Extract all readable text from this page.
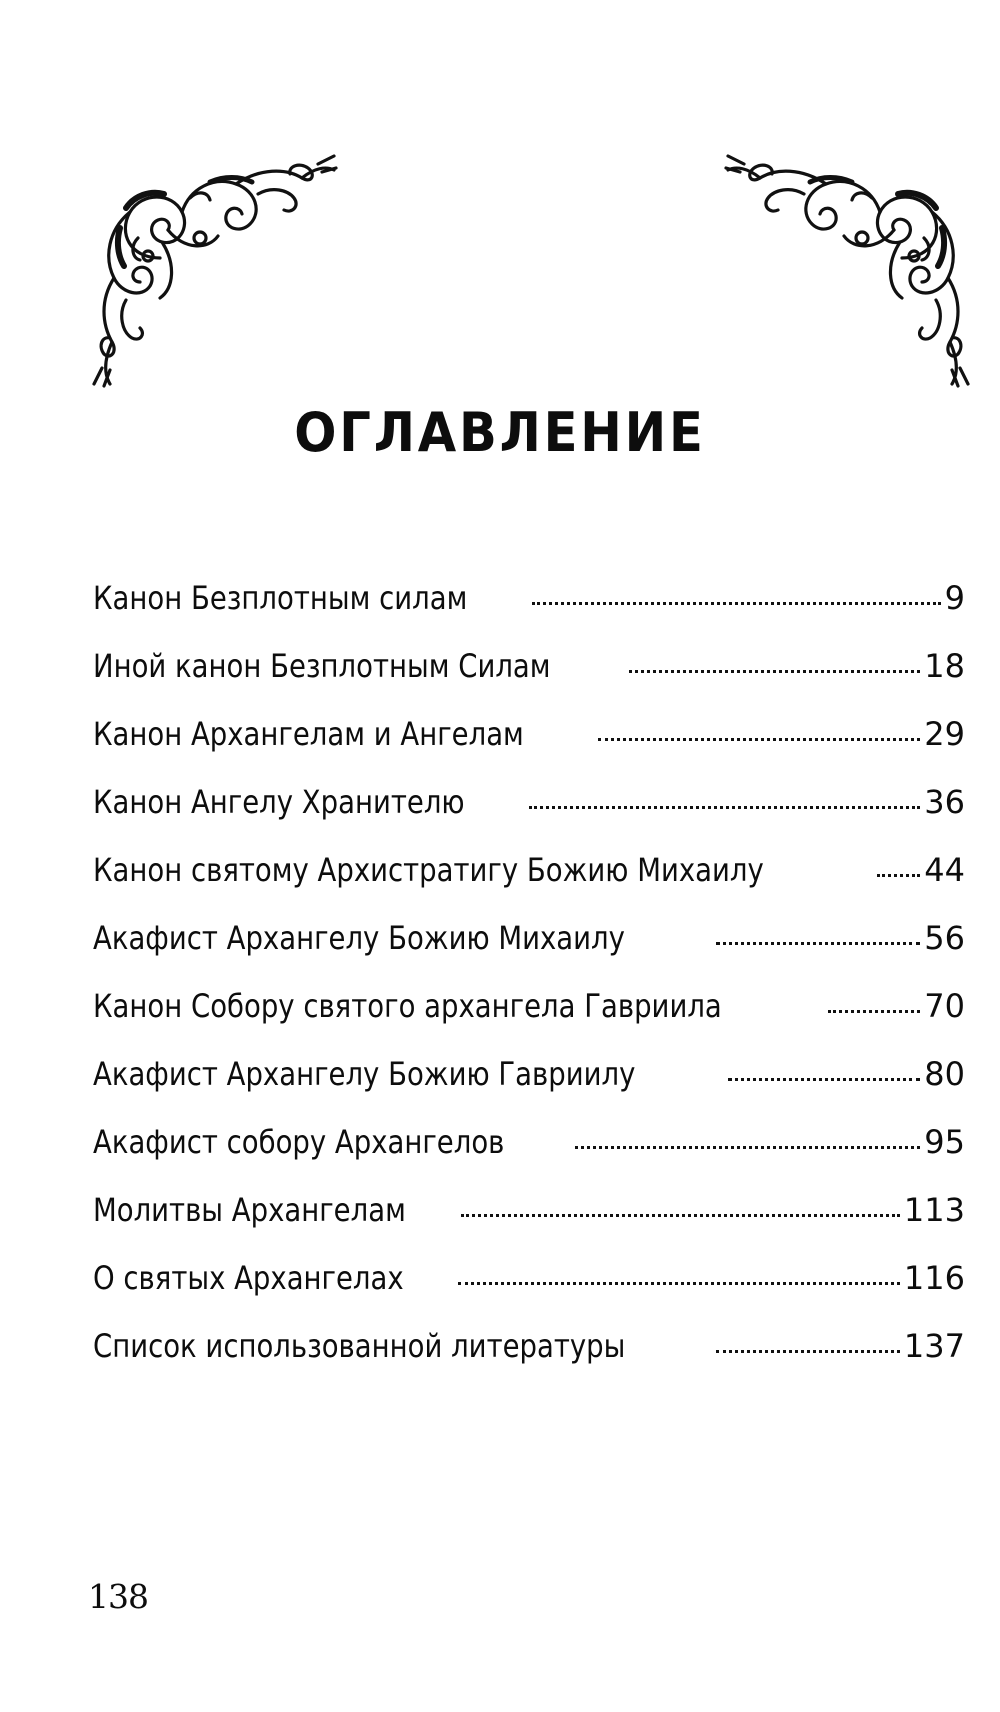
ОГЛАВЛЕНИЕ
Канон Безплотным силам	9
Иной канон Безплотным Силам	18
Канон Архангелам и Ангелам	29
Канон Ангелу Хранителю	36
Канон святому Архистратигу Божию Михаилу	44
Акафист Архангелу Божию Михаилу	56
Канон Собору святого архангела Гавриила	70
Акафист Архангелу Божию Гавриилу	80
Акафист собору Архангелов	95
Молитвы Архангелам	113
О святых Архангелах	116
Список использованной литературы	137
138
